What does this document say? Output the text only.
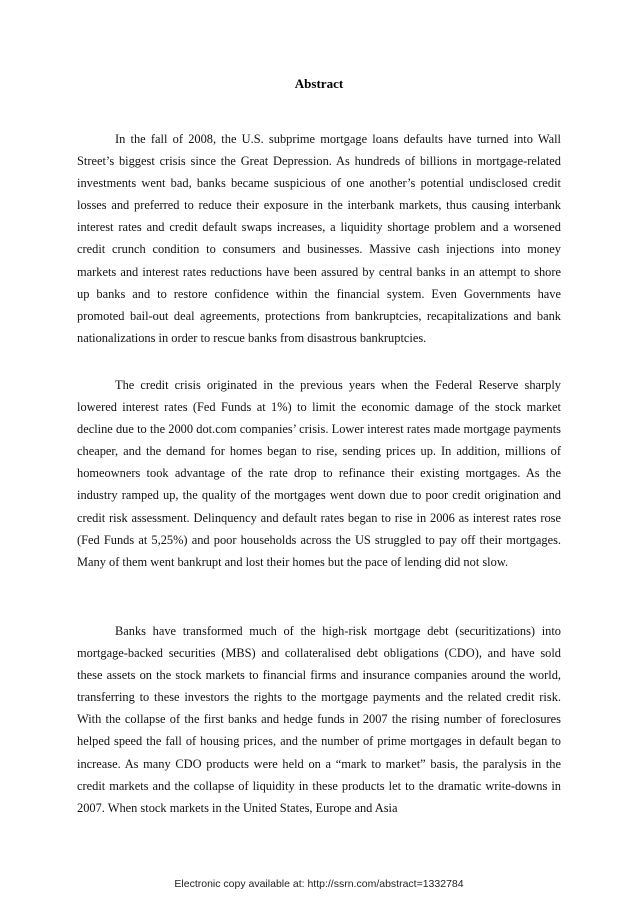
Abstract

In the fall of 2008, the U.S. subprime mortgage loans defaults have turned into Wall Street’s biggest crisis since the Great Depression. As hundreds of billions in mortgage-related investments went bad, banks became suspicious of one another’s potential undisclosed credit losses and preferred to reduce their exposure in the interbank markets, thus causing interbank interest rates and credit default swaps increases, a liquidity shortage problem and a worsened credit crunch condition to consumers and businesses. Massive cash injections into money markets and interest rates reductions have been assured by central banks in an attempt to shore up banks and to restore confidence within the financial system. Even Governments have promoted bail-out deal agreements, protections from bankruptcies, recapitalizations and bank nationalizations in order to rescue banks from disastrous bankruptcies.

The credit crisis originated in the previous years when the Federal Reserve sharply lowered interest rates (Fed Funds at 1%) to limit the economic damage of the stock market decline due to the 2000 dot.com companies’ crisis. Lower interest rates made mortgage payments cheaper, and the demand for homes began to rise, sending prices up. In addition, millions of homeowners took advantage of the rate drop to refinance their existing mortgages. As the industry ramped up, the quality of the mortgages went down due to poor credit origination and credit risk assessment. Delinquency and default rates began to rise in 2006 as interest rates rose (Fed Funds at 5,25%) and poor households across the US struggled to pay off their mortgages. Many of them went bankrupt and lost their homes but the pace of lending did not slow.

Banks have transformed much of the high-risk mortgage debt (securitizations) into mortgage-backed securities (MBS) and collateralised debt obligations (CDO), and have sold these assets on the stock markets to financial firms and insurance companies around the world, transferring to these investors the rights to the mortgage payments and the related credit risk. With the collapse of the first banks and hedge funds in 2007 the rising number of foreclosures helped speed the fall of housing prices, and the number of prime mortgages in default began to increase. As many CDO products were held on a “mark to market” basis, the paralysis in the credit markets and the collapse of liquidity in these products let to the dramatic write-downs in 2007. When stock markets in the United States, Europe and Asia

Electronic copy available at: http://ssrn.com/abstract=1332784
